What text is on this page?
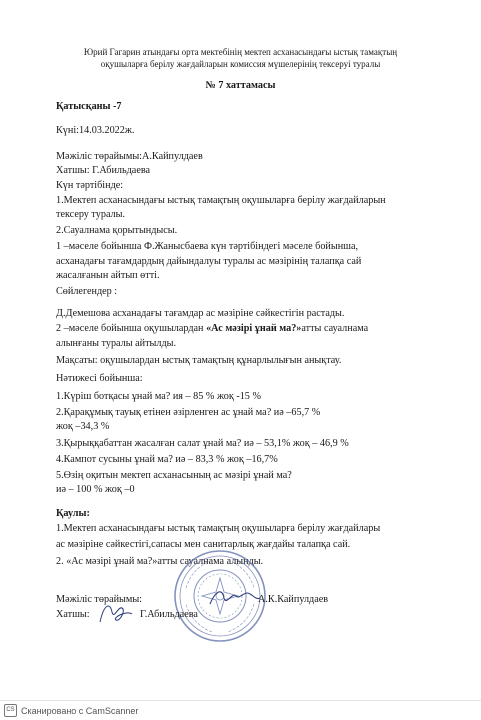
Юрий Гагарин атындағы орта мектебінің мектеп асханасындағы ыстық тамақтың
оқушыларға берілу жағдайларын комиссия мүшелерінің тексеруі туралы
№ 7 хаттамасы
Қатысқаны -7
Күні:14.03.2022ж.
Мәжіліс төрайымы:А.Кайпулдаев
Хатшы: Г.Абильдаева
Күн тәртібінде:
1.Мектеп асханасындағы ыстық тамақтың оқушыларға берілу жағдайларын
тексеру туралы.
2.Сауалнама қорытындысы.
1 –мәселе бойынша Ф.Жанысбаева күн тәртібіндегі мәселе бойынша,
асханадағы тағамдардың дайындалуы туралы ас мәзірінің талапқа сай
жасалғанын айтып өтті.
Сөйлегендер :
Д.Демешова асханадағы тағамдар ас мәзіріне сәйкестігін растады.
2 –мәселе бойынша оқушылардан «Ас мәзірі ұнай ма?»атты сауалнама
алынғаны туралы айтылды.
Мақсаты: оқушылардан ыстық тамақтың құнарлылығын анықтау.
Нәтижесі бойынша:
1.Күріш ботқасы ұнай ма? ия – 85 % жоқ -15 %
2.Қарақұмық тауық етінен әзірленген ас ұнай ма? иә –65,7 %
жоқ –34,3 %
3.Қырыққабаттан жасалған салат ұнай ма? иә – 53,1% жоқ – 46,9 %
4.Кампот сусыны ұнай ма? иә – 83,3 % жоқ –16,7%
5.Өзің оқитын мектеп асханасының ас мәзірі ұнай ма?
иә – 100 % жоқ –0
Қаулы:
1.Мектеп асханасындағы ыстық тамақтың оқушыларға берілу жағдайлары
ас мәзіріне сәйкестігі,сапасы мен санитарлық жағдайы талапқа сай.
2. «Ас мәзірі ұнай ма?»атты сауалнама алынды.
Мәжіліс төрайымы:	А.К.Кайпулдаев
Хатшы:	Г.Абильдаева
CS Сканировано с CamScanner
